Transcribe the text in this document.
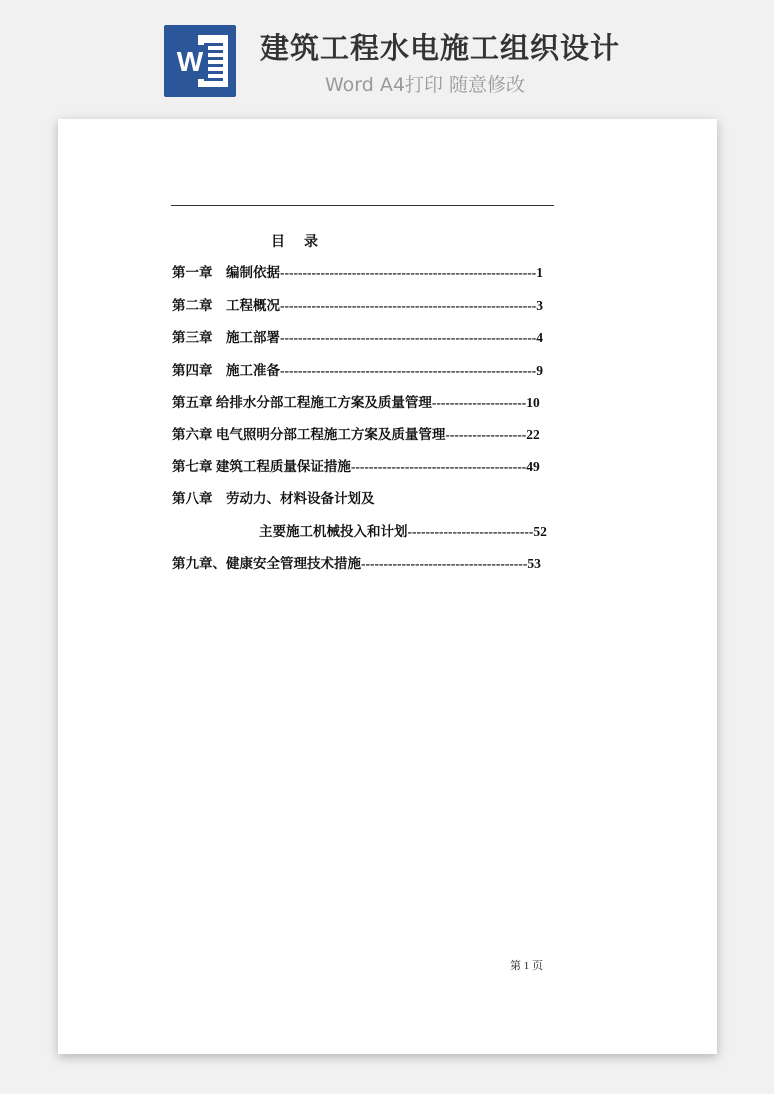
W 建筑工程水电施工组织设计
Word A4打印 随意修改
目录
第一章　编制依据---------------------------------------------------------1
第二章　工程概况---------------------------------------------------------3
第三章　施工部署---------------------------------------------------------4
第四章　施工准备---------------------------------------------------------9
第五章 给排水分部工程施工方案及质量管理---------------------10
第六章 电气照明分部工程施工方案及质量管理------------------22
第七章 建筑工程质量保证措施---------------------------------------49
第八章　劳动力、材料设备计划及
主要施工机械投入和计划----------------------------52
第九章、健康安全管理技术措施-------------------------------------53
第 1 页
